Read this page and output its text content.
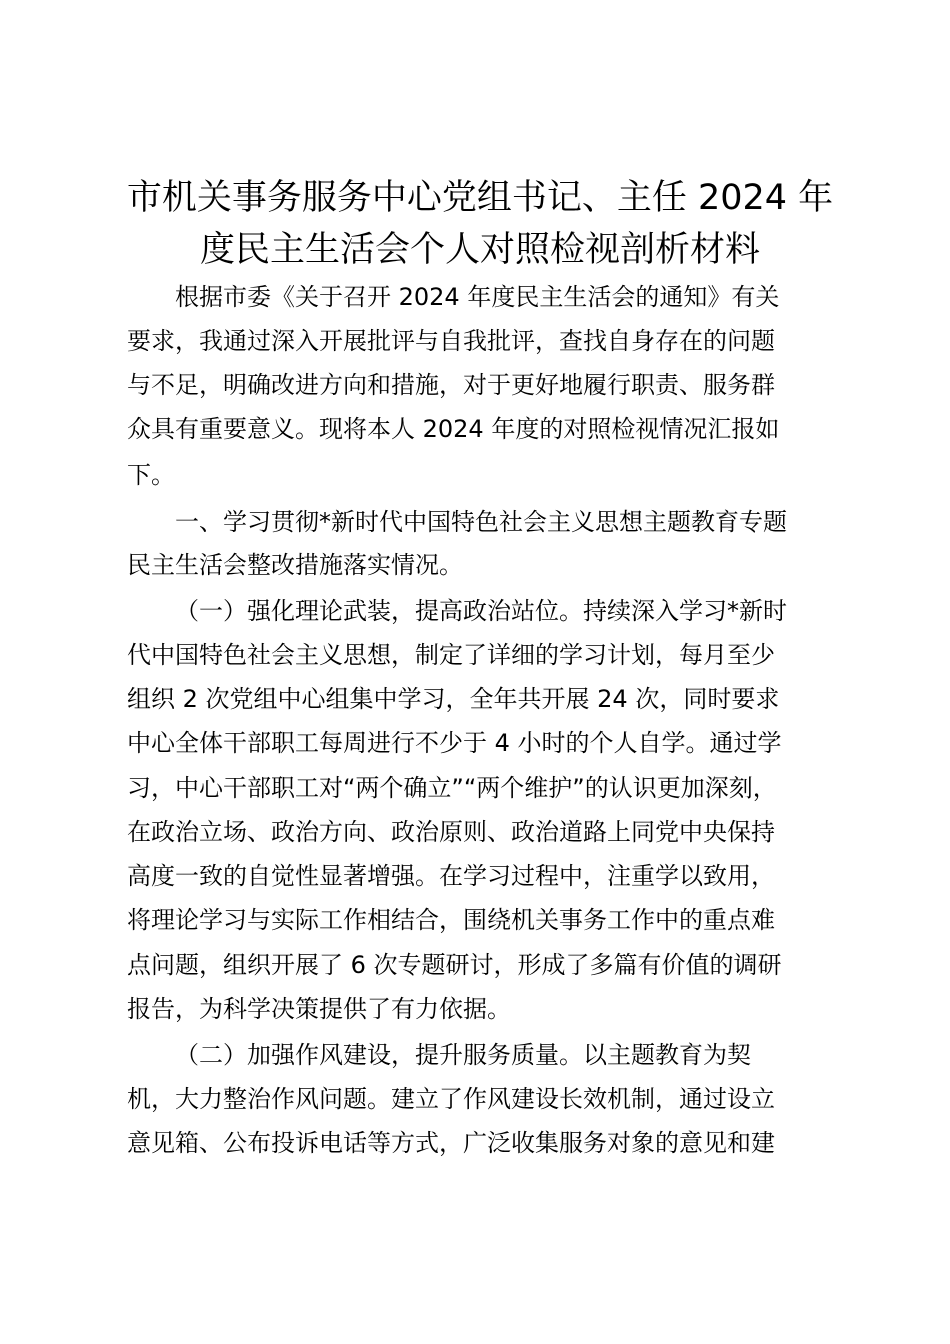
市机关事务服务中心党组书记、主任 2024 年
度民主生活会个人对照检视剖析材料

根据市委《关于召开 2024 年度民主生活会的通知》有关

要求，我通过深入开展批评与自我批评，查找自身存在的问题

与不足，明确改进方向和措施，对于更好地履行职责、服务群

众具有重要意义。现将本人 2024 年度的对照检视情况汇报如

下。

一、学习贯彻*新时代中国特色社会主义思想主题教育专题

民主生活会整改措施落实情况。

（一）强化理论武装，提高政治站位。持续深入学习*新时

代中国特色社会主义思想，制定了详细的学习计划，每月至少

组织 2 次党组中心组集中学习，全年共开展 24 次，同时要求

中心全体干部职工每周进行不少于 4 小时的个人自学。通过学

习，中心干部职工对“两个确立”“两个维护”的认识更加深刻，

在政治立场、政治方向、政治原则、政治道路上同党中央保持

高度一致的自觉性显著增强。在学习过程中，注重学以致用，

将理论学习与实际工作相结合，围绕机关事务工作中的重点难

点问题，组织开展了 6 次专题研讨，形成了多篇有价值的调研

报告，为科学决策提供了有力依据。

（二）加强作风建设，提升服务质量。以主题教育为契

机，大力整治作风问题。建立了作风建设长效机制，通过设立

意见箱、公布投诉电话等方式，广泛收集服务对象的意见和建
